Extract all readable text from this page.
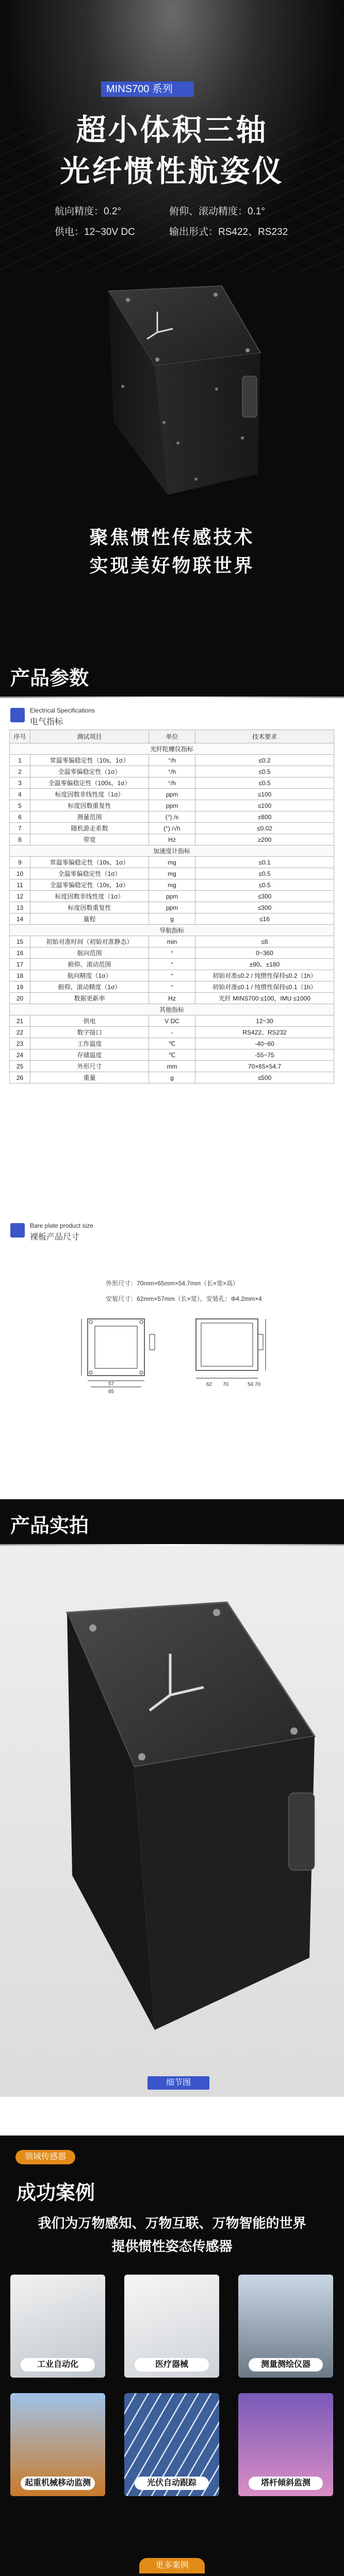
MINS700 系列
超小体积三轴
光纤惯性航姿仪
航向精度：0.2°	俯仰、滚动精度：0.1°
供电：12~30V DC	输出形式：RS422、RS232
聚焦惯性传感技术
实现美好物联世界
产品参数
Electrical Specifications
电气指标
序号	测试项目	单位	技术要求
光纤陀螺仪指标			
1	常温零偏稳定性（10s，1σ）	°/h	≤0.2
2	全温零偏稳定性（1σ）	°/h	≤0.5
3	全温零偏稳定性（100s，1σ）	°/h	≤0.5
4	标度因数非线性度（1σ）	ppm	≤100
5	标度因数重复性	ppm	≤100
6	测量范围	(°) /s	±800
7	随机游走系数	(°) /√h	≤0.02
8	带宽	Hz	≥200
加速度计指标			
9	常温零偏稳定性（10s，1σ）	mg	≤0.1
10	全温零偏稳定性（1σ）	mg	≤0.5
11	全温零偏稳定性（10s，1σ）	mg	≤0.5
12	标度因数非线性度（1σ）	ppm	≤300
13	标度因数重复性	ppm	≤300
14	量程	g	≤16
导航指标			
15	初始对准时间（初始对准静态）	min	≤6
16	航向范围	°	0~360
17	俯仰、滚动范围	°	±90、±180
18	航向精度（1σ）	°	初始对准≤0.2 / 纯惯性保持≤0.2（1h）
19	俯仰、滚动精度（1σ）	°	初始对准≤0.1 / 纯惯性保持≤0.1（1h）
20	数据更新率	Hz	光纤 MINS700 ≤100，IMU ≤1000
其他指标			
21	供电	V DC	12~30
22	数字接口	-	RS422、RS232
23	工作温度	℃	-40~60
24	存储温度	℃	-55~75
25	外形尺寸	mm	70×65×54.7
26	重量	g	≤500
Bare plate product size
裸板产品尺寸
外形尺寸：70mm×65mm×54.7mm（长×宽×高）
安装尺寸：62mm×57mm（长×宽），安装孔：Φ4.2mm×4
57
65
70
62	54.70
产品实拍
细节图
领域传感器
成功案例
我们为万物感知、万物互联、万物智能的世界
提供惯性姿态传感器
工业自动化	医疗器械	测量测绘仪器
起重机械移动监测	光伏自动跟踪	塔杆倾斜监测
更多案例
